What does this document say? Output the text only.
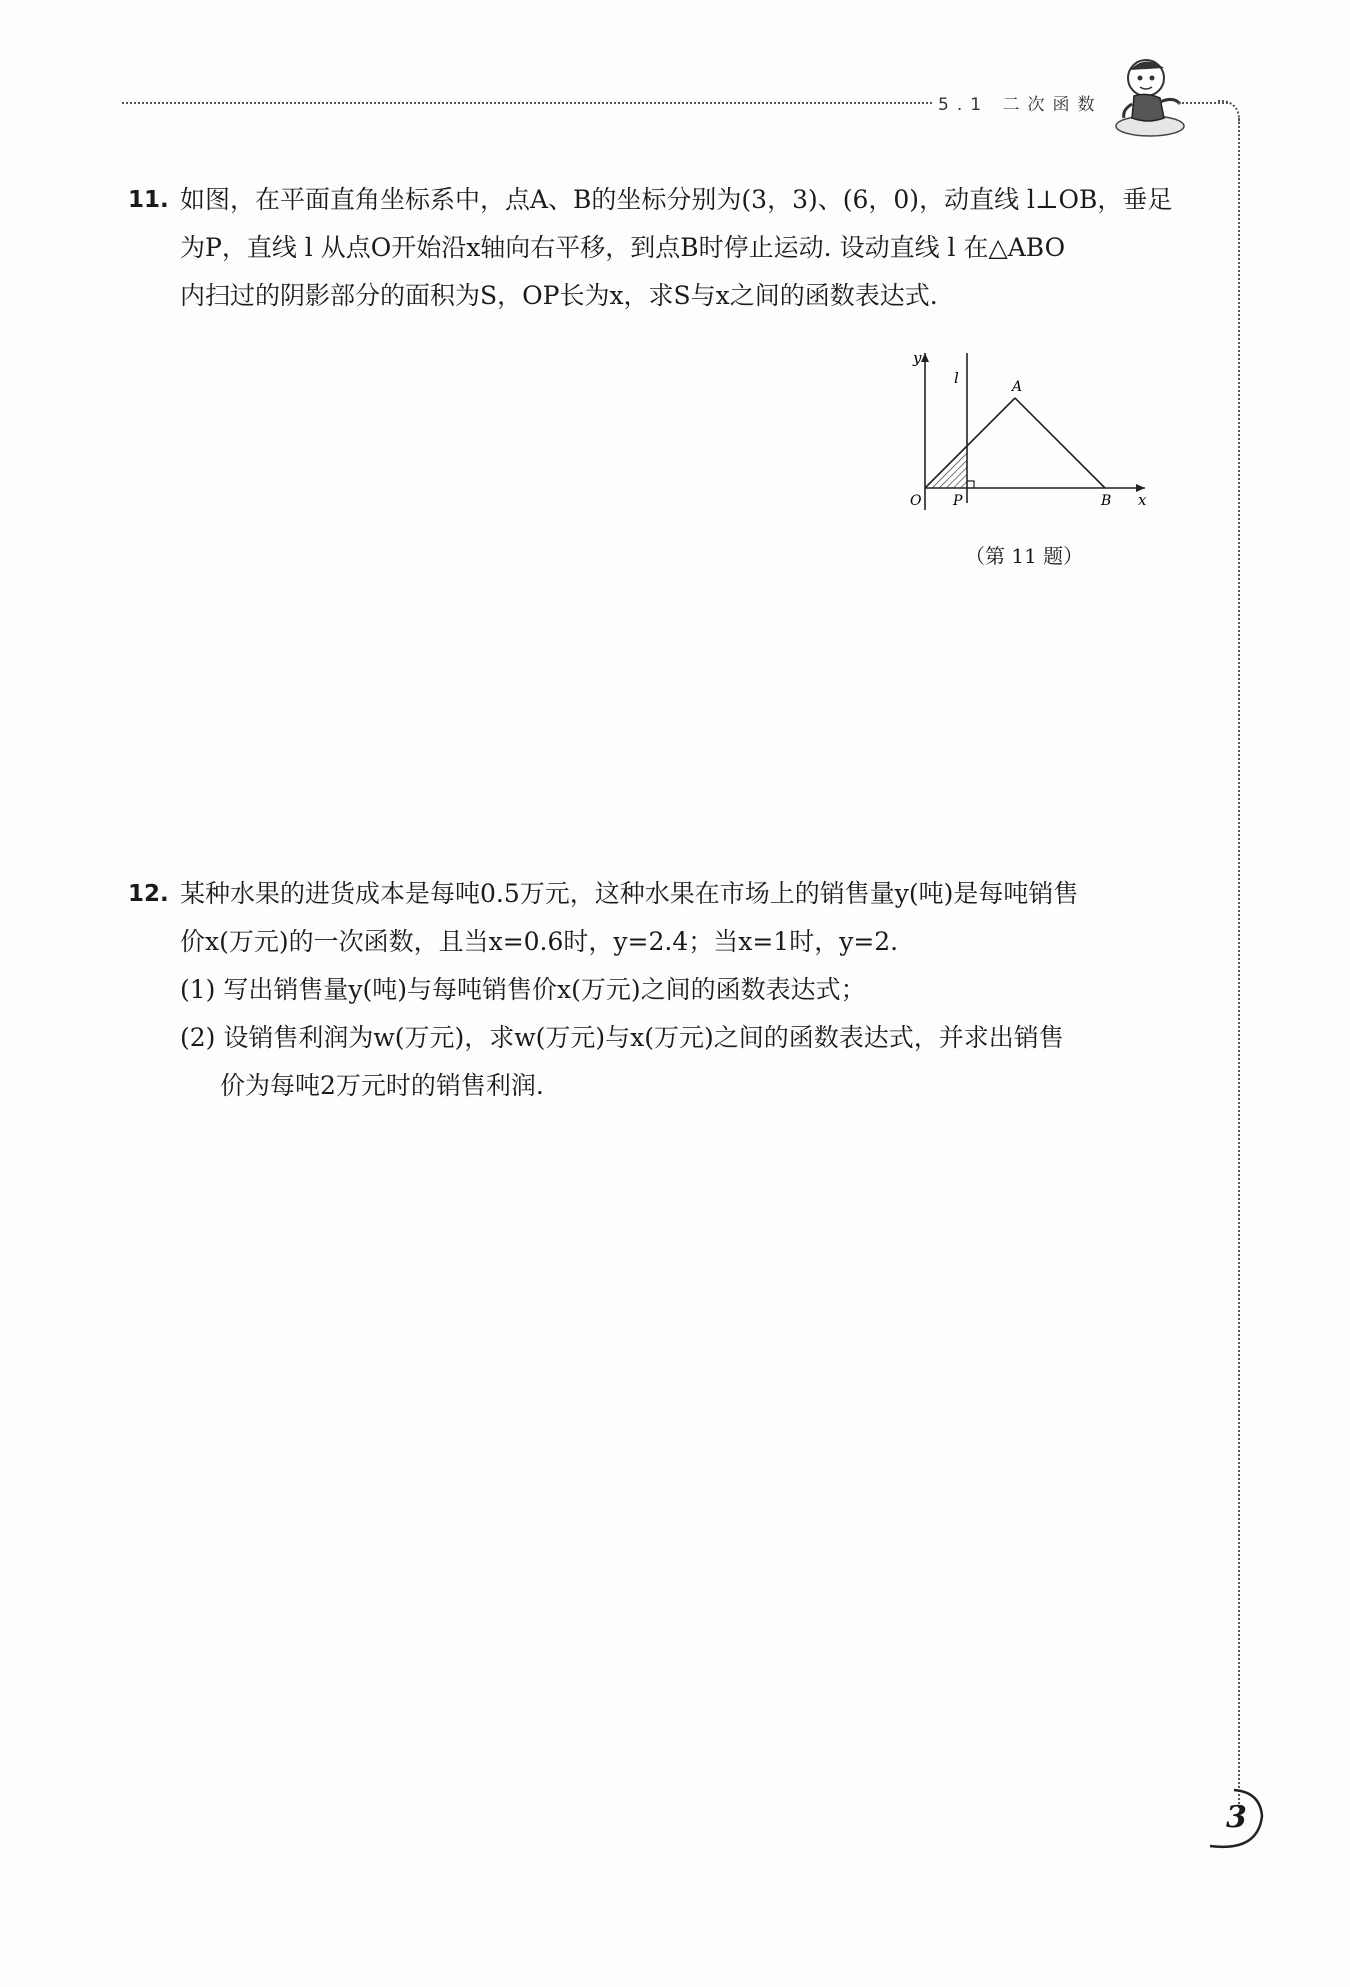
5.1 二次函数
11. 如图，在平面直角坐标系中，点A、B的坐标分别为(3，3)、(6，0)，动直线 l⊥OB，垂足
为P，直线 l 从点O开始沿x轴向右平移，到点B时停止运动. 设动直线 l 在△ABO
内扫过的阴影部分的面积为S，OP长为x，求S与x之间的函数表达式.
y
x
O P	B
A
l
（第 11 题）
12. 某种水果的进货成本是每吨0.5万元，这种水果在市场上的销售量y(吨)是每吨销售
价x(万元)的一次函数，且当x=0.6时，y=2.4；当x=1时，y=2.
(1) 写出销售量y(吨)与每吨销售价x(万元)之间的函数表达式；
(2) 设销售利润为w(万元)，求w(万元)与x(万元)之间的函数表达式，并求出销售
价为每吨2万元时的销售利润.
3
